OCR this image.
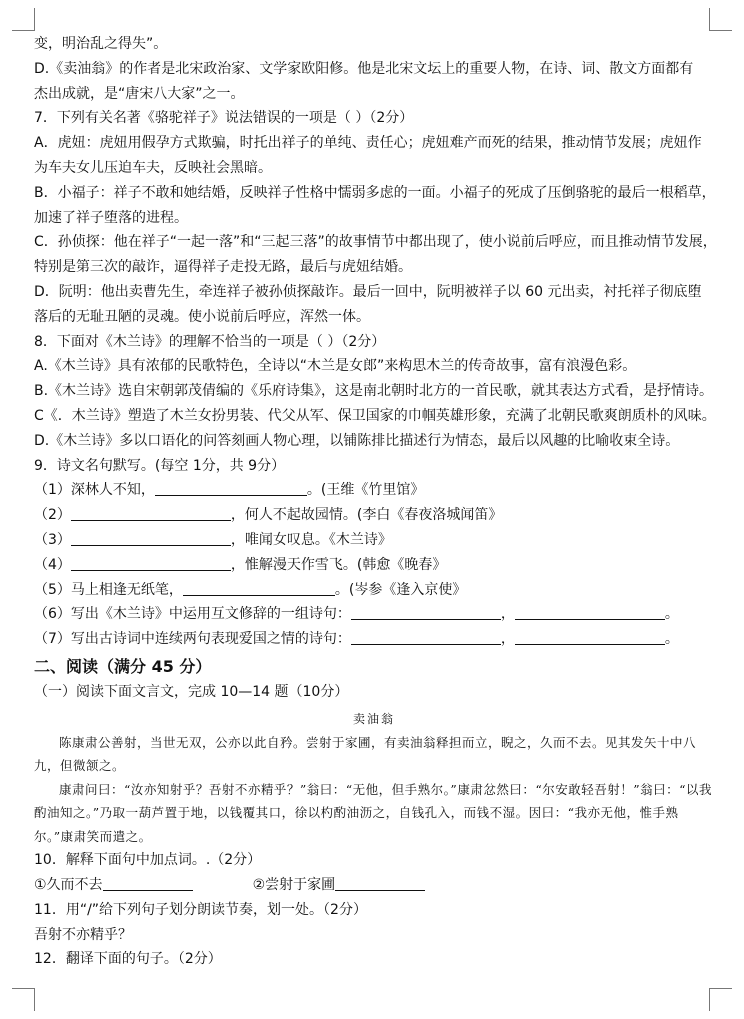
变，明治乱之得失”。
D.《卖油翁》的作者是北宋政治家、文学家欧阳修。他是北宋文坛上的重要人物，在诗、词、散文方面都有
杰出成就，是“唐宋八大家”之一。
7．下列有关名著《骆驼祥子》说法错误的一项是（ ）（2分）
A．虎妞：虎妞用假孕方式欺骗，时托出祥子的单纯、责任心；虎妞难产而死的结果，推动情节发展；虎妞作
为车夫女儿压迫车夫，反映社会黑暗。
B．小福子：祥子不敢和她结婚，反映祥子性格中懦弱多虑的一面。小福子的死成了压倒骆驼的最后一根稻草，
加速了祥子堕落的进程。
C．孙侦探：他在祥子“一起一落”和“三起三落”的故事情节中都出现了，使小说前后呼应，而且推动情节发展，
特别是第三次的敲诈，逼得祥子走投无路，最后与虎妞结婚。
D．阮明：他出卖曹先生，牵连祥子被孙侦探敲诈。最后一回中，阮明被祥子以 60 元出卖，衬托祥子彻底堕
落后的无耻丑陋的灵魂。使小说前后呼应，浑然一体。
8．下面对《木兰诗》的理解不恰当的一项是（ ）（2分）
A.《木兰诗》具有浓郁的民歌特色，全诗以“木兰是女郎”来构思木兰的传奇故事，富有浪漫色彩。
B.《木兰诗》选自宋朝郭茂倩编的《乐府诗集》，这是南北朝时北方的一首民歌，就其表达方式看，是抒情诗。
C《．木兰诗》塑造了木兰女扮男装、代父从军、保卫国家的巾帼英雄形象，充满了北朝民歌爽朗质朴的风味。
D.《木兰诗》多以口语化的问答刻画人物心理，以铺陈排比描述行为情态，最后以风趣的比喻收束全诗。
9．诗文名句默写。(每空 1分，共 9分）
（1）深林人不知，	。(王维《竹里馆》
（2）	，何人不起故园情。(李白《春夜洛城闻笛》
（3）	，唯闻女叹息。《木兰诗》
（4）	，惟解漫天作雪飞。(韩愈《晚春》
（5）马上相逢无纸笔，	。(岑参《逢入京使》
（6）写出《木兰诗》中运用互文修辞的一组诗句：	，	。
（7）写出古诗词中连续两句表现爱国之情的诗句：	，	。
二、阅读（满分 45 分）
（一）阅读下面文言文，完成 10—14 题（10分）
卖油翁
陈康肃公善射，当世无双，公亦以此自矜。尝射于家圃，有卖油翁释担而立，睨之，久而不去。见其发矢十中八九，但微颔之。
康肃问曰：“汝亦知射乎？吾射不亦精乎？”翁曰：“无他，但手熟尔。”康肃忿然曰：“尔安敢轻吾射！”翁曰：“以我酌油知之。”乃取一葫芦置于地，以钱覆其口，徐以杓酌油沥之，自钱孔入，而钱不湿。因曰：“我亦无他，惟手熟尔。”康肃笑而遣之。
10．解释下面句中加点词。.（2分）
①久而不去	②尝射于家圃
11．用“/”给下列句子划分朗读节奏，划一处。（2分）
吾射不亦精乎？
12．翻译下面的句子。（2分）
